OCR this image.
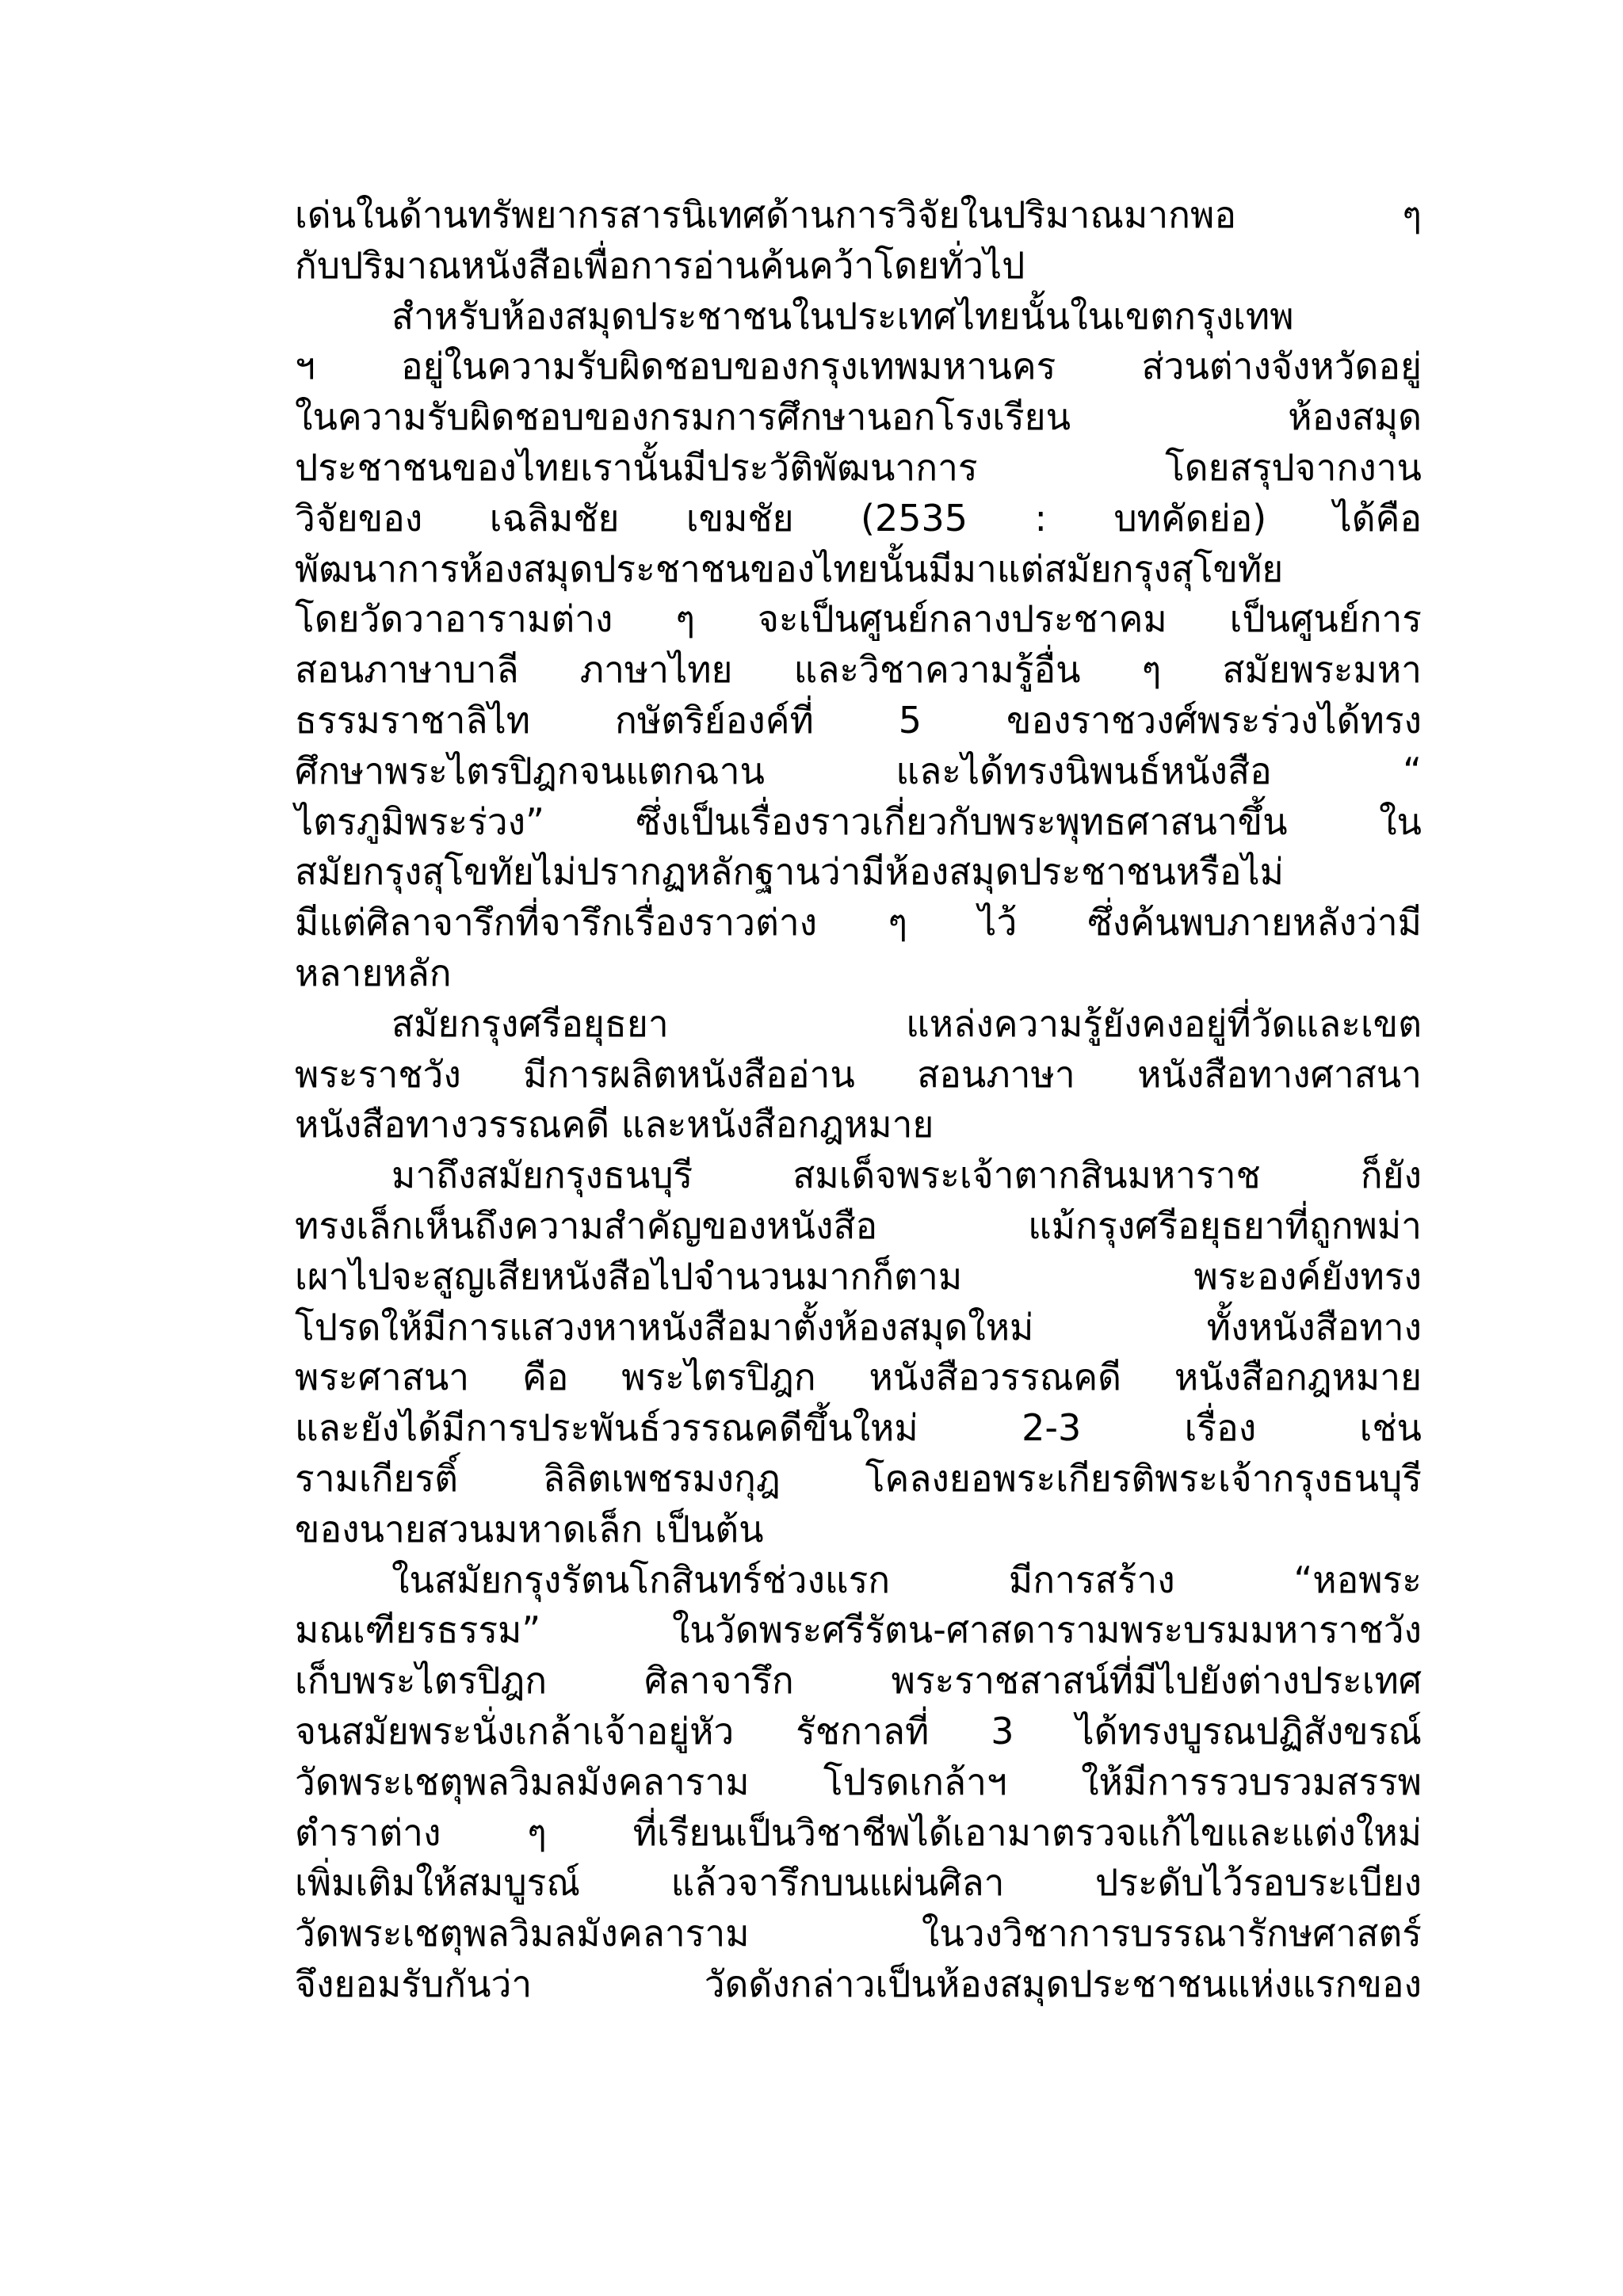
เด่นในด้านทรัพยากรสารนิเทศด้านการวิจัยในปริมาณมากพอ ๆ
กับปริมาณหนังสือเพื่อการอ่านค้นคว้าโดยทั่วไป
สำหรับห้องสมุดประชาชนในประเทศไทยนั้นในเขตกรุงเทพ
ฯ อยู่ในความรับผิดชอบของกรุงเทพมหานคร ส่วนต่างจังหวัดอยู่
ในความรับผิดชอบของกรมการศึกษานอกโรงเรียน ห้องสมุด
ประชาชนของไทยเรานั้นมีประวัติพัฒนาการ โดยสรุปจากงาน
วิจัยของ เฉลิมชัย เขมชัย (2535 : บทคัดย่อ) ได้คือ
พัฒนาการห้องสมุดประชาชนของไทยนั้นมีมาแต่สมัยกรุงสุโขทัย
โดยวัดวาอารามต่าง ๆ จะเป็นศูนย์กลางประชาคม เป็นศูนย์การ
สอนภาษาบาลี ภาษาไทย และวิชาความรู้อื่น ๆ สมัยพระมหา
ธรรมราชาลิไท กษัตริย์องค์ที่ 5 ของราชวงศ์พระร่วงได้ทรง
ศึกษาพระไตรปิฎกจนแตกฉาน และได้ทรงนิพนธ์หนังสือ “
ไตรภูมิพระร่วง” ซึ่งเป็นเรื่องราวเกี่ยวกับพระพุทธศาสนาขึ้น ใน
สมัยกรุงสุโขทัยไม่ปรากฏหลักฐานว่ามีห้องสมุดประชาชนหรือไม่
มีแต่ศิลาจารึกที่จารึกเรื่องราวต่าง ๆ ไว้ ซึ่งค้นพบภายหลังว่ามี
หลายหลัก
สมัยกรุงศรีอยุธยา แหล่งความรู้ยังคงอยู่ที่วัดและเขต
พระราชวัง มีการผลิตหนังสืออ่าน สอนภาษา หนังสือทางศาสนา
หนังสือทางวรรณคดี และหนังสือกฎหมาย
มาถึงสมัยกรุงธนบุรี สมเด็จพระเจ้าตากสินมหาราช ก็ยัง
ทรงเล็กเห็นถึงความสำคัญของหนังสือ แม้กรุงศรีอยุธยาที่ถูกพม่า
เผาไปจะสูญเสียหนังสือไปจำนวนมากก็ตาม พระองค์ยังทรง
โปรดให้มีการแสวงหาหนังสือมาตั้งห้องสมุดใหม่ ทั้งหนังสือทาง
พระศาสนา คือ พระไตรปิฎก หนังสือวรรณคดี หนังสือกฎหมาย
และยังได้มีการประพันธ์วรรณคดีขึ้นใหม่ 2-3 เรื่อง เช่น
รามเกียรติ์ ลิลิตเพชรมงกุฎ โคลงยอพระเกียรติพระเจ้ากรุงธนบุรี
ของนายสวนมหาดเล็ก เป็นต้น
ในสมัยกรุงรัตนโกสินทร์ช่วงแรก มีการสร้าง “หอพระ
มณเฑียรธรรม” ในวัดพระศรีรัตน-ศาสดารามพระบรมมหาราชวัง
เก็บพระไตรปิฎก ศิลาจารึก พระราชสาสน์ที่มีไปยังต่างประเทศ
จนสมัยพระนั่งเกล้าเจ้าอยู่หัว รัชกาลที่ 3 ได้ทรงบูรณปฏิสังขรณ์
วัดพระเชตุพลวิมลมังคลาราม โปรดเกล้าฯ ให้มีการรวบรวมสรรพ
ตำราต่าง ๆ ที่เรียนเป็นวิชาชีพได้เอามาตรวจแก้ไขและแต่งใหม่
เพิ่มเติมให้สมบูรณ์ แล้วจารึกบนแผ่นศิลา ประดับไว้รอบระเบียง
วัดพระเชตุพลวิมลมังคลาราม ในวงวิชาการบรรณารักษศาสตร์
จึงยอมรับกันว่า วัดดังกล่าวเป็นห้องสมุดประชาชนแห่งแรกของ
